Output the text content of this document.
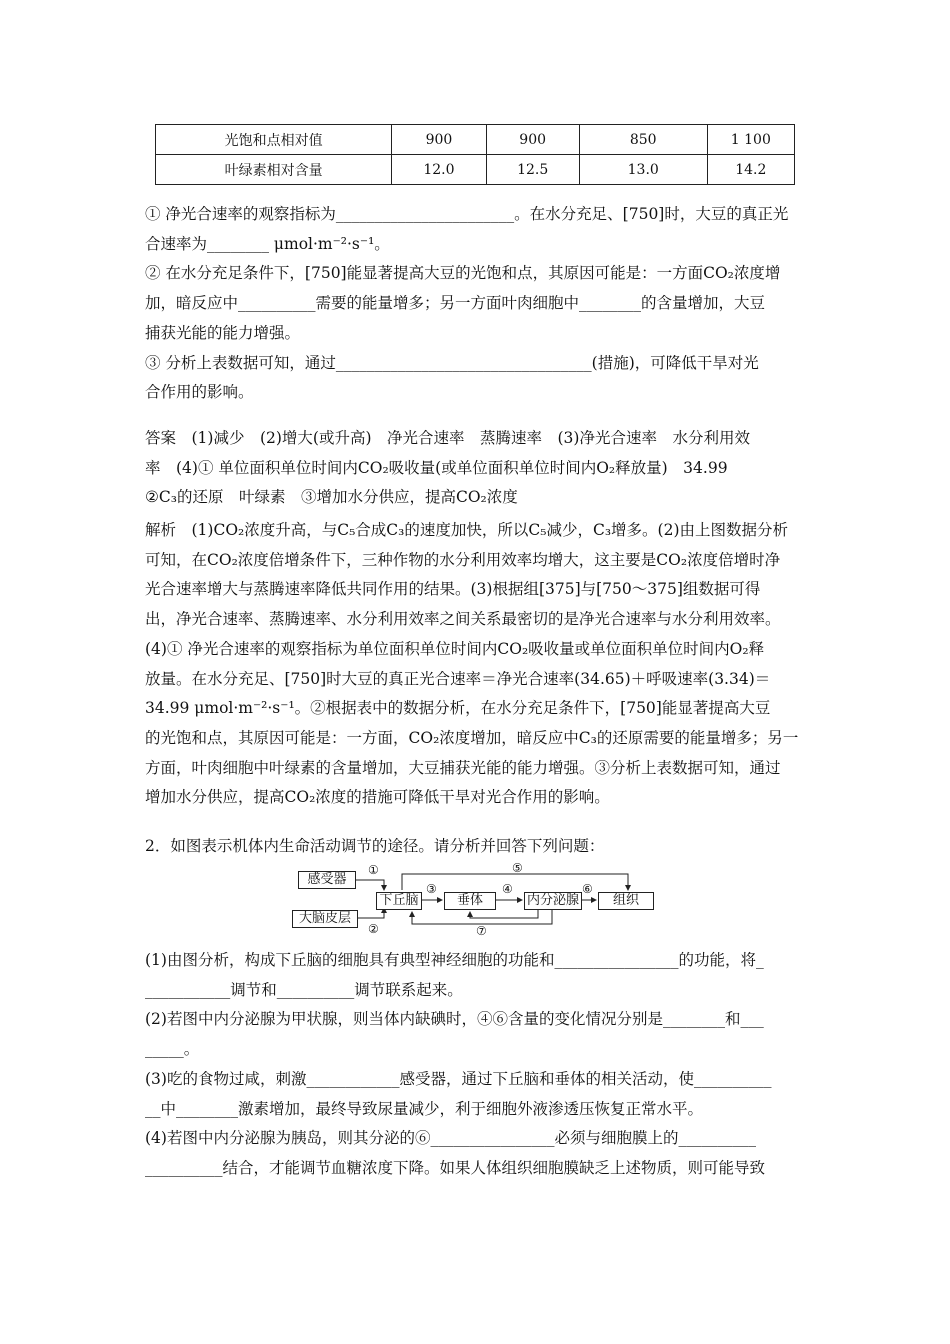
光饱和点相对值	900	900	850	1 100
叶绿素相对含量	12.0	12.5	13.0	14.2

① 净光合速率的观察指标为_______________________。在水分充足、[750]时，大豆的真正光

合速率为________ μmol·m⁻²·s⁻¹。

② 在水分充足条件下，[750]能显著提高大豆的光饱和点，其原因可能是：一方面CO₂浓度增

加，暗反应中__________需要的能量增多；另一方面叶肉细胞中________的含量增加，大豆

捕获光能的能力增强。

③ 分析上表数据可知，通过_________________________________(措施)，可降低干旱对光

合作用的影响。

答案　(1)减少　(2)增大(或升高)　净光合速率　蒸腾速率　(3)净光合速率　水分利用效

率　(4)① 单位面积单位时间内CO₂吸收量(或单位面积单位时间内O₂释放量)　34.99

②C₃的还原　叶绿素　③增加水分供应，提高CO₂浓度

解析　(1)CO₂浓度升高，与C₅合成C₃的速度加快，所以C₅减少，C₃增多。(2)由上图数据分析

可知，在CO₂浓度倍增条件下，三种作物的水分利用效率均增大，这主要是CO₂浓度倍增时净

光合速率增大与蒸腾速率降低共同作用的结果。(3)根据组[375]与[750～375]组数据可得

出，净光合速率、蒸腾速率、水分利用效率之间关系最密切的是净光合速率与水分利用效率。

(4)① 净光合速率的观察指标为单位面积单位时间内CO₂吸收量或单位面积单位时间内O₂释

放量。在水分充足、[750]时大豆的真正光合速率＝净光合速率(34.65)＋呼吸速率(3.34)＝

34.99 μmol·m⁻²·s⁻¹。②根据表中的数据分析，在水分充足条件下，[750]能显著提高大豆

的光饱和点，其原因可能是：一方面，CO₂浓度增加，暗反应中C₃的还原需要的能量增多；另一

方面，叶肉细胞中叶绿素的含量增加，大豆捕获光能的能力增强。③分析上表数据可知，通过

增加水分供应，提高CO₂浓度的措施可降低干旱对光合作用的影响。

2．如图表示机体内生命活动调节的途径。请分析并回答下列问题：

感受器
大脑皮层
下丘脑	垂体	内分泌腺	组织
①
②
③	④
⑤
⑥
⑦

(1)由图分析，构成下丘脑的细胞具有典型神经细胞的功能和________________的功能，将_

___________调节和__________调节联系起来。

(2)若图中内分泌腺为甲状腺，则当体内缺碘时，④⑥含量的变化情况分别是________和___

_____。

(3)吃的食物过咸，刺激____________感受器，通过下丘脑和垂体的相关活动，使__________

__中________激素增加，最终导致尿量减少，利于细胞外液渗透压恢复正常水平。

(4)若图中内分泌腺为胰岛，则其分泌的⑥________________必须与细胞膜上的__________

__________结合，才能调节血糖浓度下降。如果人体组织细胞膜缺乏上述物质，则可能导致
